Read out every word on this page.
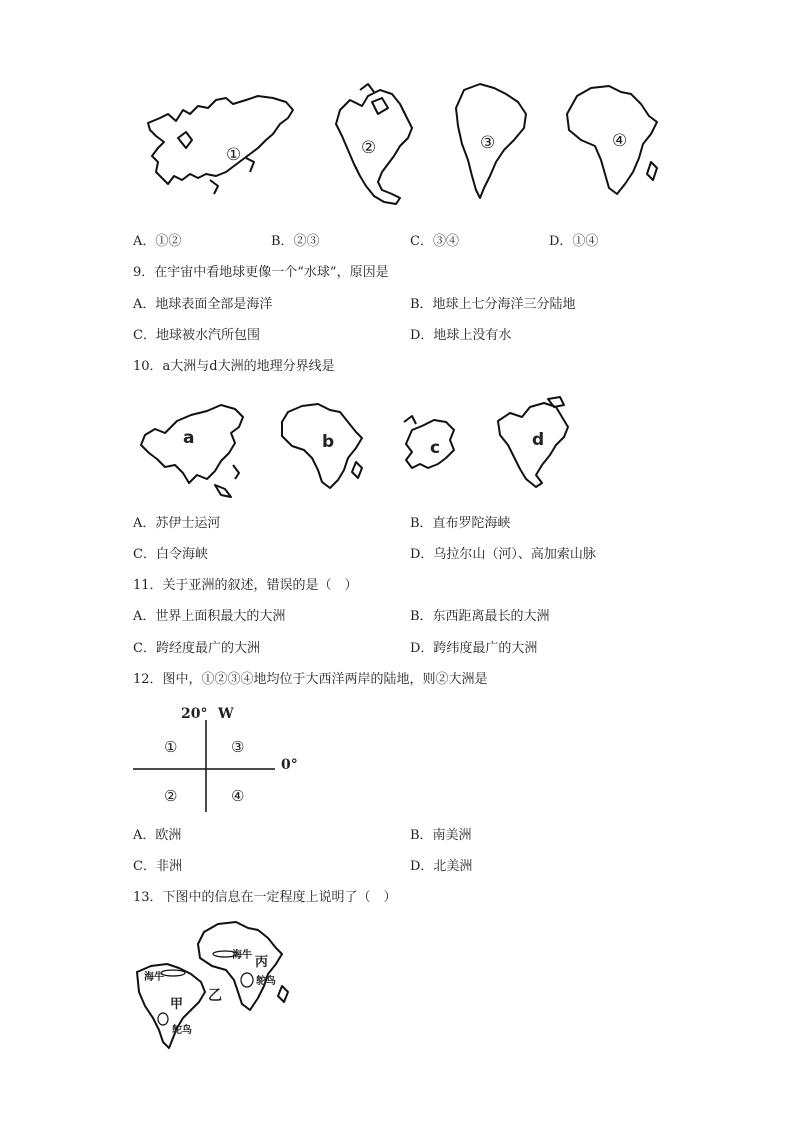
①	②	③	④
A．①②	B．②③	C．③④	D．①④
9．在宇宙中看地球更像一个“水球”，原因是
A．地球表面全部是海洋	B．地球上七分海洋三分陆地
C．地球被水汽所包围	D．地球上没有水
10．a大洲与d大洲的地理分界线是
a	b	c	d
A．苏伊士运河	B．直布罗陀海峡
C．白令海峡	D．乌拉尔山（河）、高加索山脉
11．关于亚洲的叙述，错误的是（　）
A．世界上面积最大的大洲	B．东西距离最长的大洲
C．跨经度最广的大洲	D．跨纬度最广的大洲
12．图中，①②③④地均位于大西洋两岸的陆地，则②大洲是
20° W
0°
①	③
②	④
A．欧洲	B．南美洲
C．非洲	D．北美洲
13．下图中的信息在一定程度上说明了（　）
海牛
甲
鸵鸟
乙
海牛 丙
鸵鸟
